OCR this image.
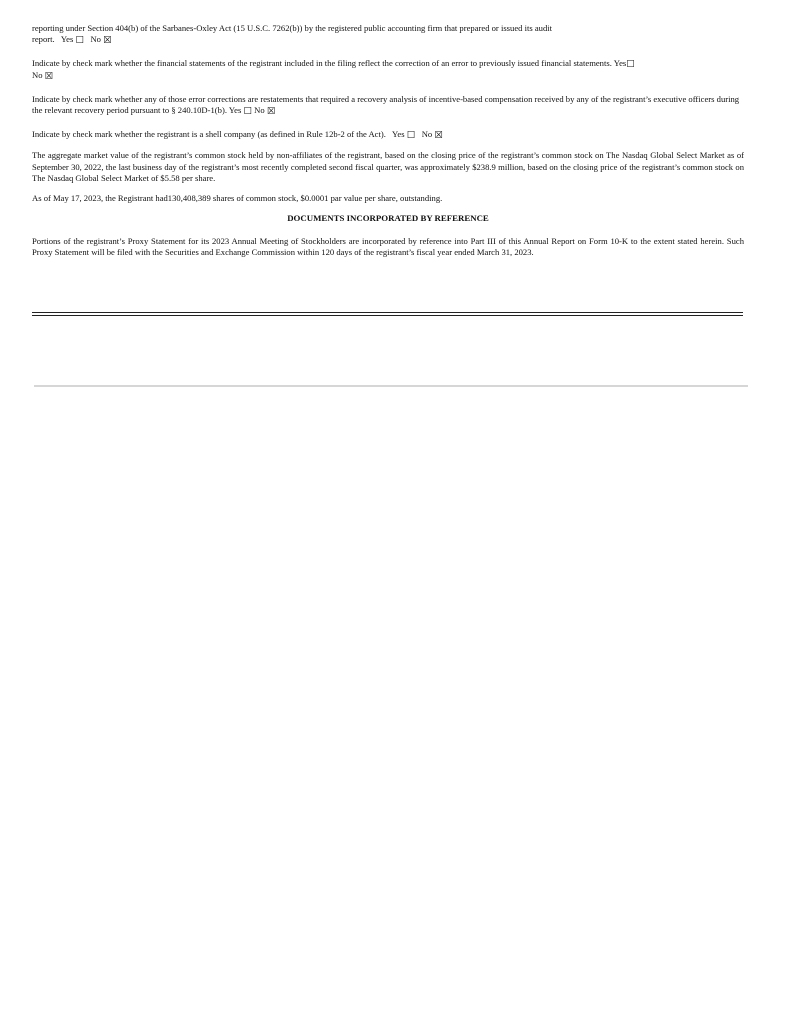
reporting under Section 404(b) of the Sarbanes-Oxley Act (15 U.S.C. 7262(b)) by the registered public accounting firm that prepared or issued its audit

report. Yes ☐ No ☒

Indicate by check mark whether the financial statements of the registrant included in the filing reflect the correction of an error to previously issued financial statements. Yes☐
No ☒

Indicate by check mark whether any of those error corrections are restatements that required a recovery analysis of incentive-based compensation received by any of the registrant’s executive officers during the relevant recovery period pursuant to § 240.10D-1(b). Yes ☐ No ☒

Indicate by check mark whether the registrant is a shell company (as defined in Rule 12b-2 of the Act). Yes ☐ No ☒

The aggregate market value of the registrant’s common stock held by non-affiliates of the registrant, based on the closing price of the registrant’s common stock on The Nasdaq Global Select Market as of September 30, 2022, the last business day of the registrant’s most recently completed second fiscal quarter, was approximately $238.9 million, based on the closing price of the registrant’s common stock on The Nasdaq Global Select Market of $5.58 per share.

As of May 17, 2023, the Registrant had130,408,389 shares of common stock, $0.0001 par value per share, outstanding.

DOCUMENTS INCORPORATED BY REFERENCE

Portions of the registrant’s Proxy Statement for its 2023 Annual Meeting of Stockholders are incorporated by reference into Part III of this Annual Report on Form 10-K to the extent stated herein. Such Proxy Statement will be filed with the Securities and Exchange Commission within 120 days of the registrant’s fiscal year ended March 31, 2023.
